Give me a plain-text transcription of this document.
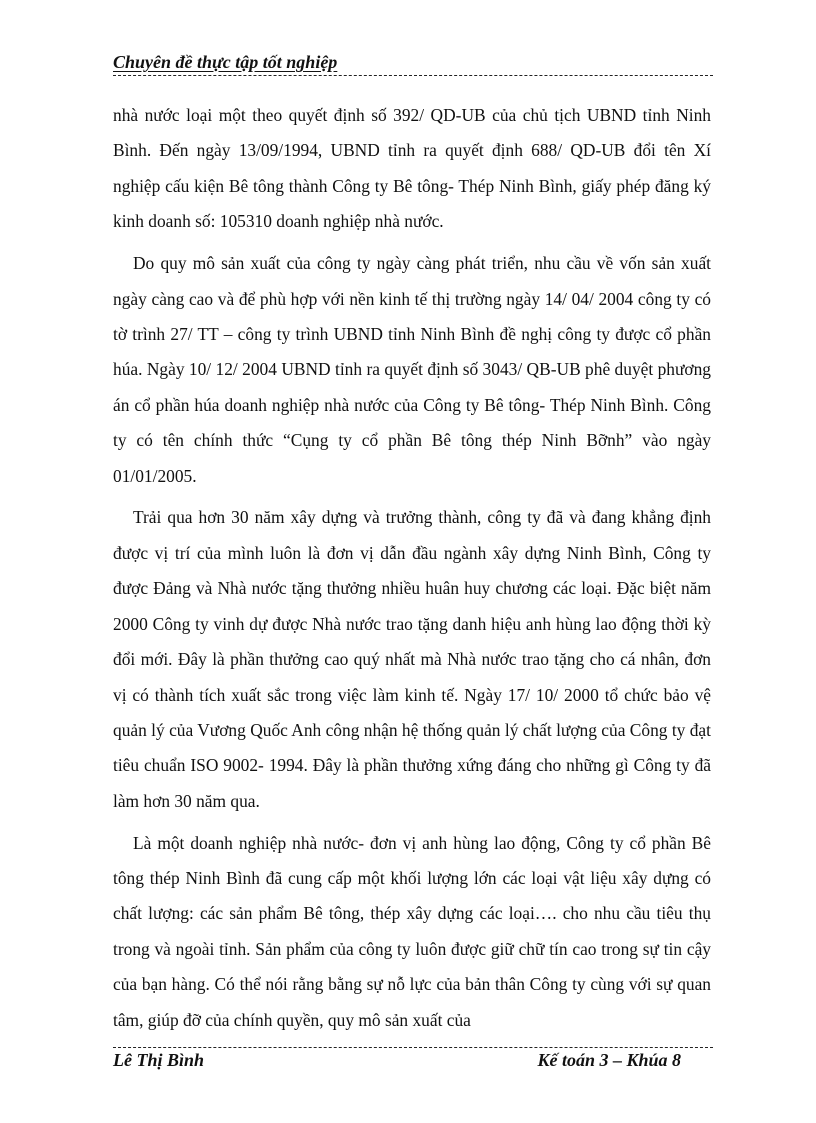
Chuyên đề thực tập tốt nghiệp

nhà nước loại một theo quyết định số 392/ QD-UB của chủ tịch UBND tỉnh Ninh Bình. Đến ngày 13/09/1994, UBND tỉnh ra quyết định 688/ QD-UB đổi tên Xí nghiệp cấu kiện Bê tông thành Công ty Bê tông- Thép Ninh Bình, giấy phép đăng ký kinh doanh số: 105310 doanh nghiệp nhà nước.

Do quy mô sản xuất của công ty ngày càng phát triển, nhu cầu về vốn sản xuất ngày càng cao và để phù hợp với nền kinh tế thị trường ngày 14/ 04/ 2004 công ty có tờ trình 27/ TT – công ty trình UBND tỉnh Ninh Bình đề nghị công ty được cổ phần húa. Ngày 10/ 12/ 2004 UBND tỉnh ra quyết định số 3043/ QB-UB phê duyệt phương án cổ phần húa doanh nghiệp nhà nước của Công ty Bê tông- Thép Ninh Bình. Công ty có tên chính thức “Cụng ty cổ phần Bê tông thép Ninh Bỡnh” vào ngày 01/01/2005.

Trải qua hơn 30 năm xây dựng và trưởng thành, công ty đã và đang khẳng định được vị trí của mình luôn là đơn vị dẫn đầu ngành xây dựng Ninh Bình, Công ty được Đảng và Nhà nước tặng thưởng nhiều huân huy chương các loại. Đặc biệt năm 2000 Công ty vinh dự được Nhà nước trao tặng danh hiệu anh hùng lao động thời kỳ đổi mới. Đây là phần thưởng cao quý nhất mà Nhà nước trao tặng cho cá nhân, đơn vị có thành tích xuất sắc trong việc làm kinh tế. Ngày 17/ 10/ 2000 tổ chức bảo vệ quản lý của Vương Quốc Anh công nhận hệ thống quản lý chất lượng của Công ty đạt tiêu chuẩn ISO 9002- 1994. Đây là phần thưởng xứng đáng cho những gì Công ty đã làm hơn 30 năm qua.

Là một doanh nghiệp nhà nước- đơn vị anh hùng lao động, Công ty cổ phần Bê tông thép Ninh Bình đã cung cấp một khối lượng lớn các loại vật liệu xây dựng có chất lượng: các sản phẩm Bê tông, thép xây dựng các loại…. cho nhu cầu tiêu thụ trong và ngoài tỉnh. Sản phẩm của công ty luôn được giữ chữ tín cao trong sự tin cậy của bạn hàng. Có thể nói rằng bằng sự nỗ lực của bản thân Công ty cùng với sự quan tâm, giúp đỡ của chính quyền, quy mô sản xuất của

Lê Thị Bình	Kế toán 3 – Khúa 8
